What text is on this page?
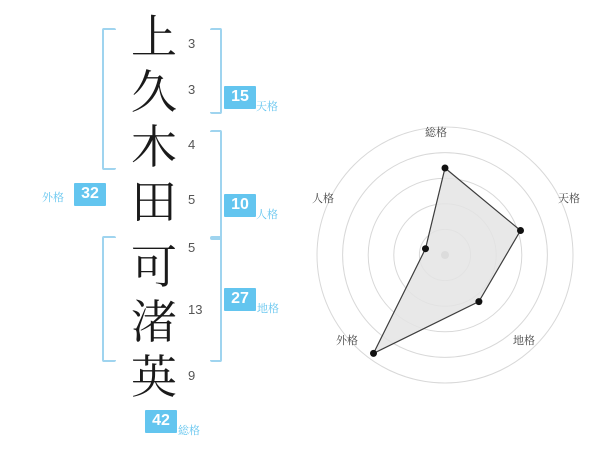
上
久
木
田
可
渚
英
3
3
4
5
5
13
9
15
天格
10
人格
27
地格
外格	32
42
総格
総格
天格
地格
外格
人格
